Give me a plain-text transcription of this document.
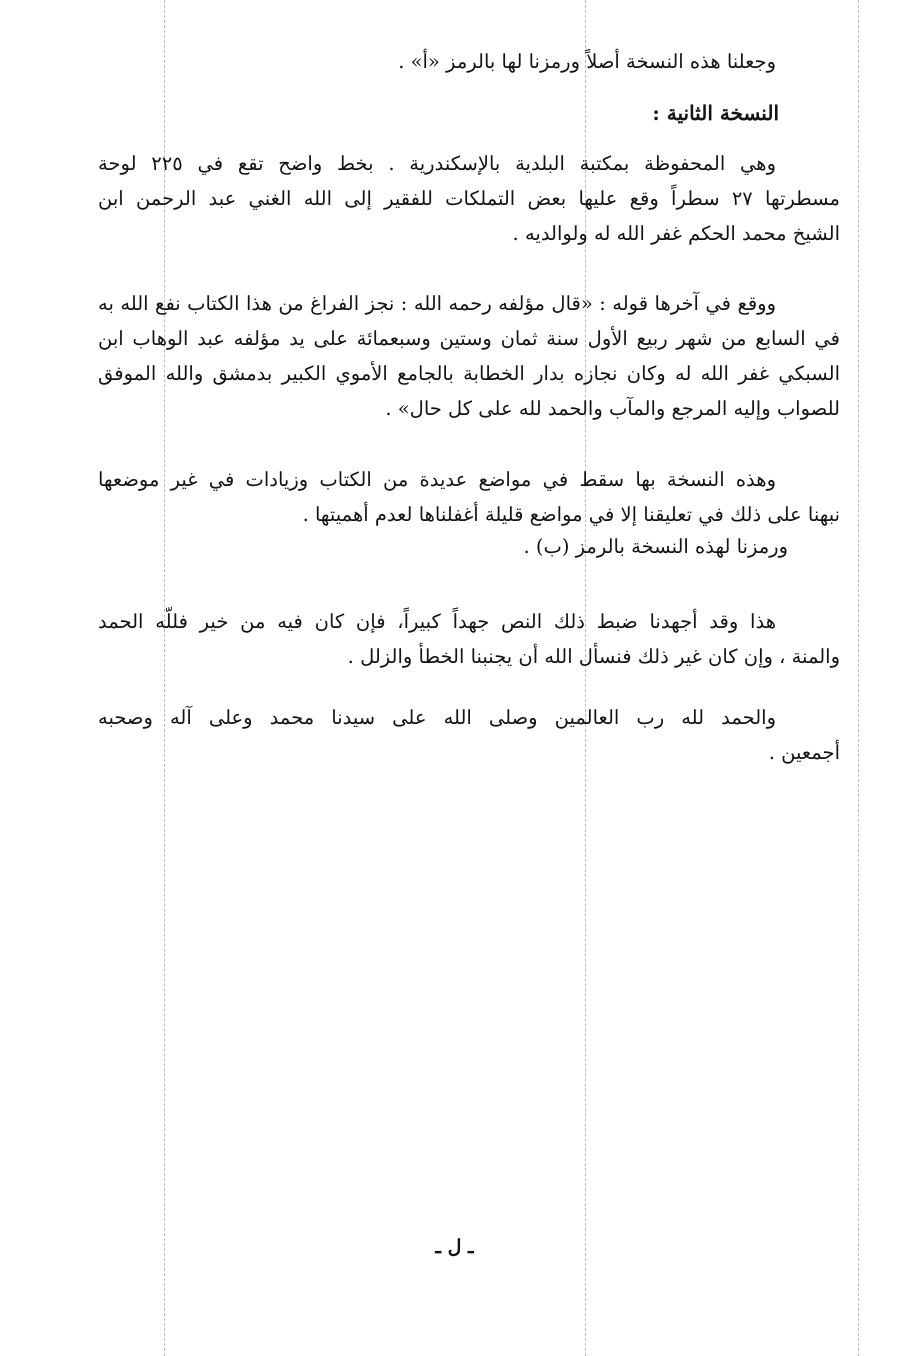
وجعلنا هذه النسخة أصلاً ورمزنا لها بالرمز «أ» .
النسخة الثانية :
وهي المحفوظة بمكتبة البلدية بالإسكندرية . بخط واضح تقع في ٢٢٥ لوحة
مسطرتها ٢٧ سطراً وقع عليها بعض التملكات للفقير إلى الله الغني عبد الرحمن ابن
الشيخ محمد الحكم غفر الله له ولوالديه .
ووقع في آخرها قوله : «قال مؤلفه رحمه الله : نجز الفراغ من هذا الكتاب نفع الله به
في السابع من شهر ربيع الأول سنة ثمان وستين وسبعمائة على يد مؤلفه عبد الوهاب ابن
السبكي غفر الله له وكان نجازه بدار الخطابة بالجامع الأموي الكبير بدمشق والله الموفق
للصواب وإليه المرجع والمآب والحمد لله على كل حال» .
وهذه النسخة بها سقط في مواضع عديدة من الكتاب وزيادات في غير موضعها
نبهنا على ذلك في تعليقنا إلا في مواضع قليلة أغفلناها لعدم أهميتها .
ورمزنا لهذه النسخة بالرمز (ب) .
هذا وقد أجهدنا ضبط ذلك النص جهداً كبيراً، فإن كان فيه من خير فللّه الحمد
والمنة ، وإن كان غير ذلك فنسأل الله أن يجنبنا الخطأ والزلل .
والحمد لله رب العالمين وصلى الله على سيدنا محمد وعلى آله وصحبه
أجمعين .
ـ ل ـ
